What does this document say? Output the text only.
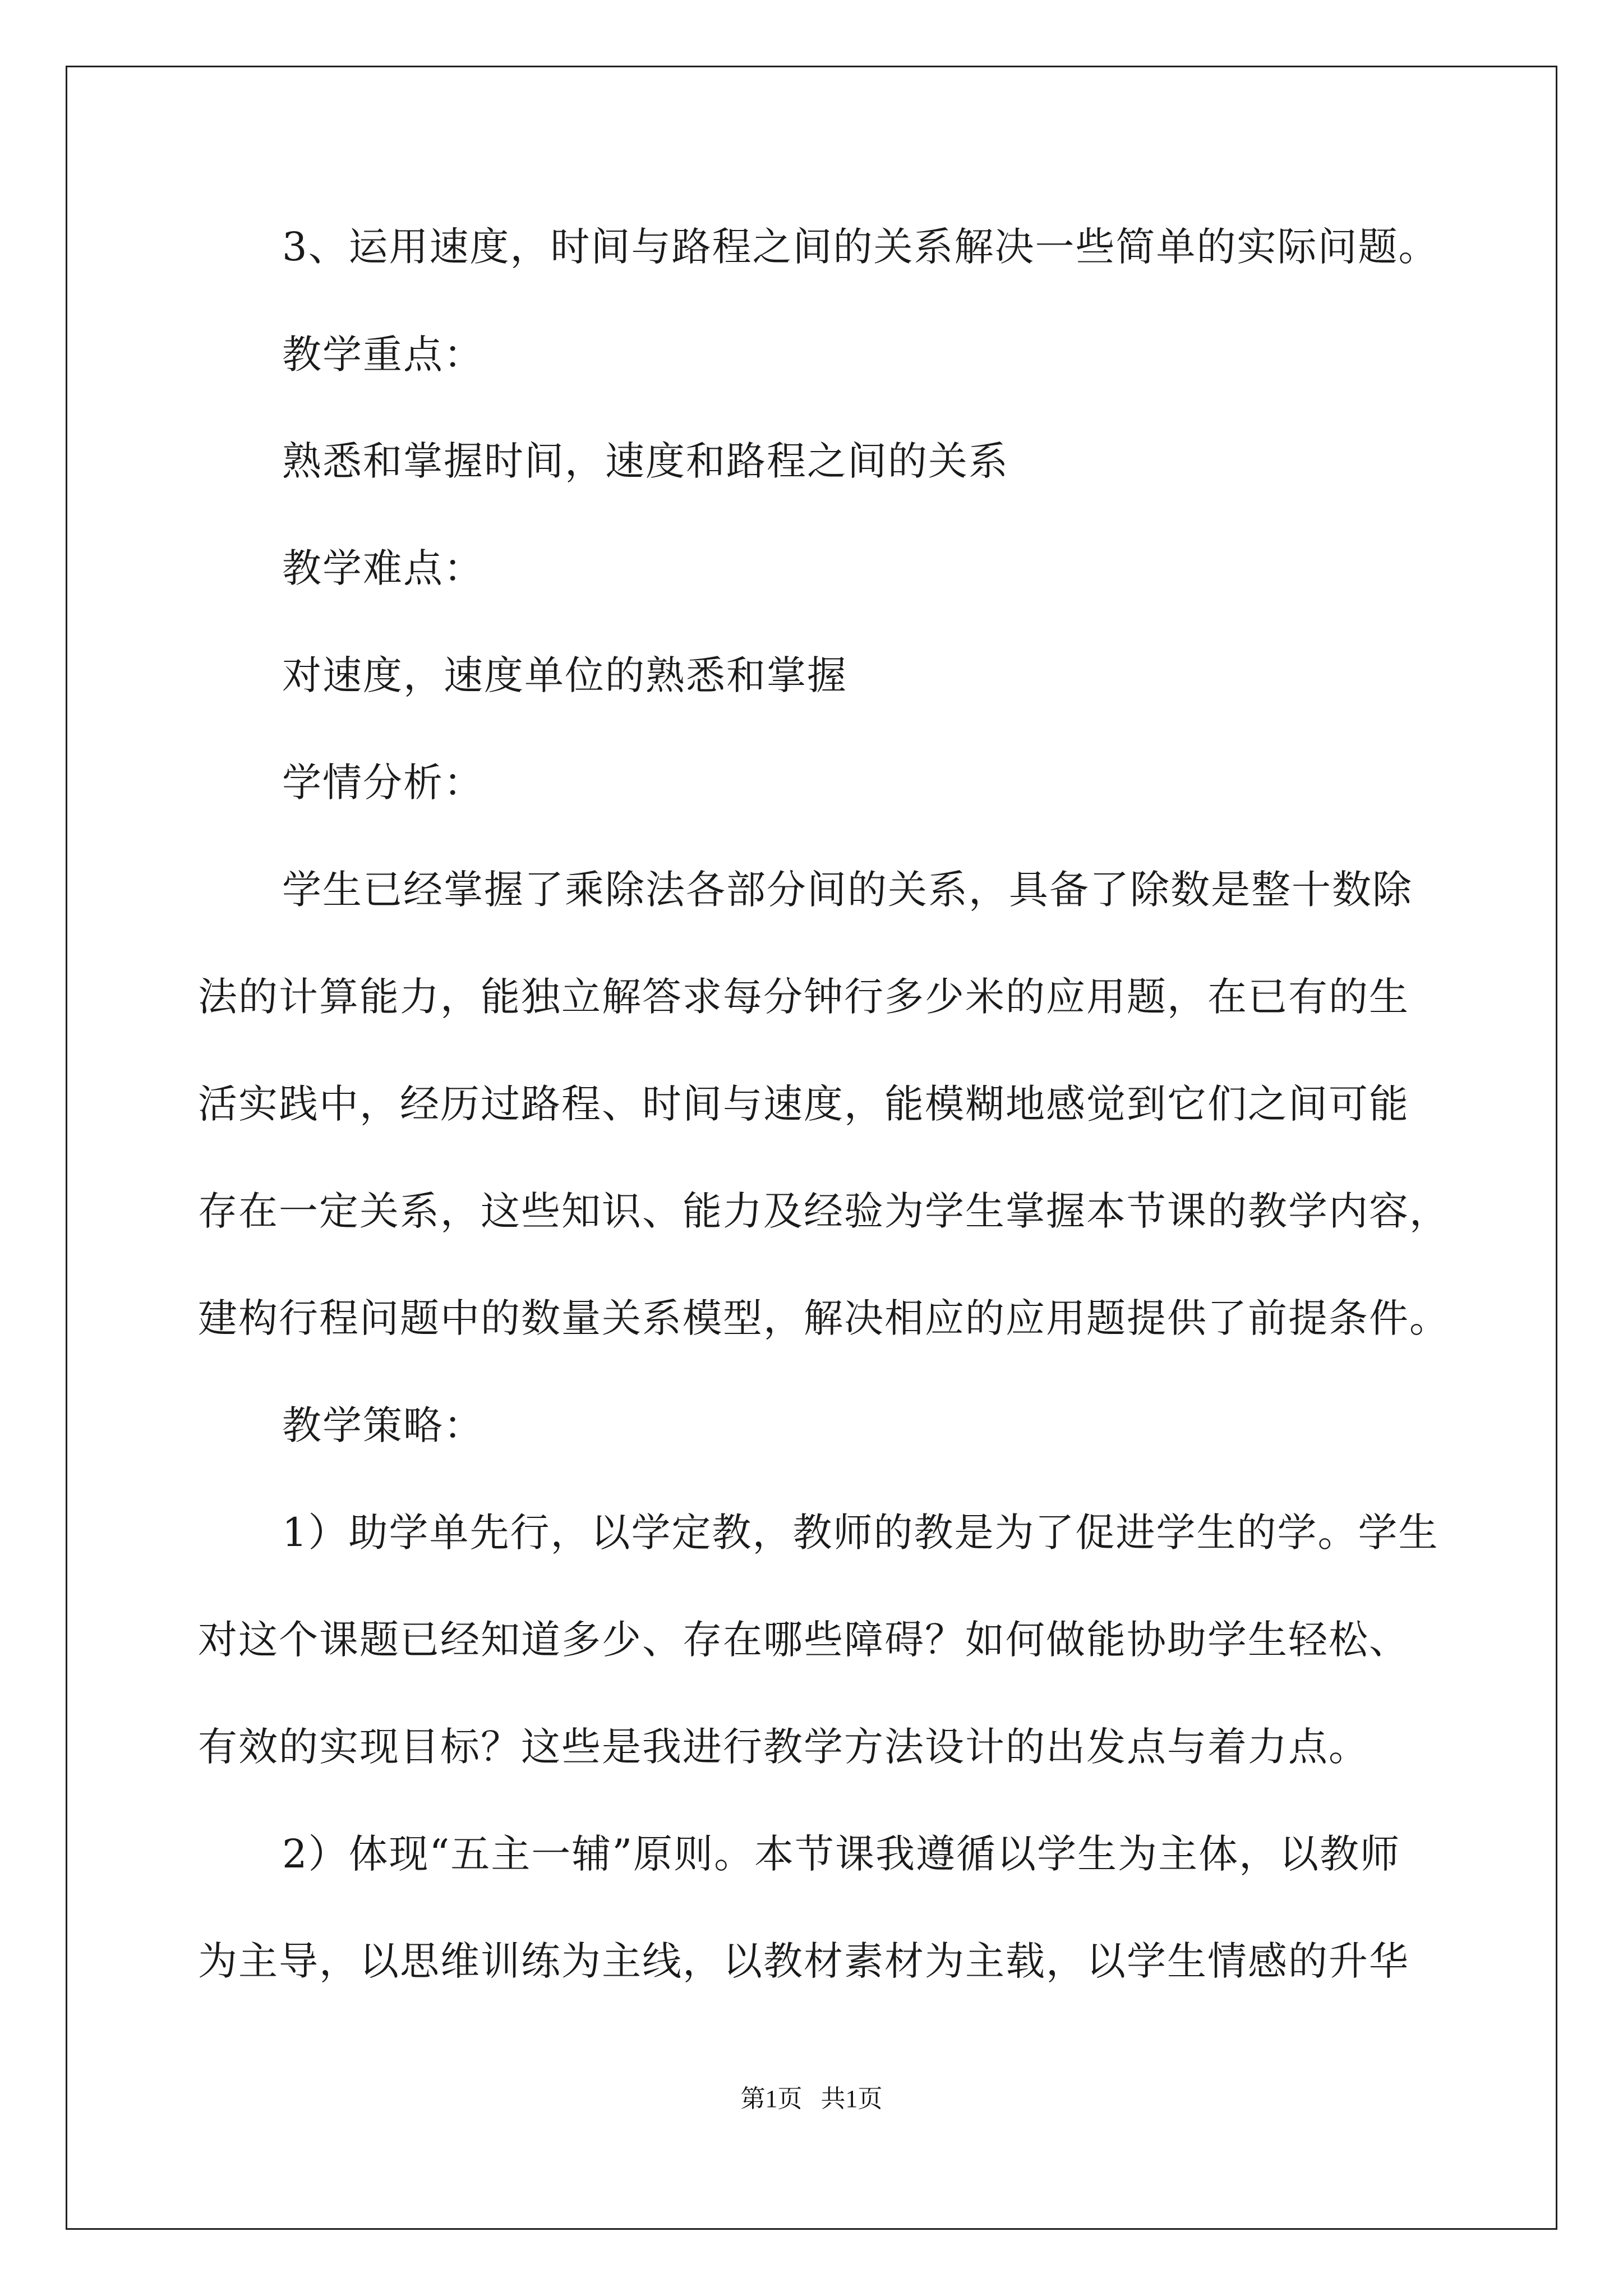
3、运用速度，时间与路程之间的关系解决一些简单的实际问题。
教学重点：
熟悉和掌握时间，速度和路程之间的关系
教学难点：
对速度，速度单位的熟悉和掌握
学情分析：
学生已经掌握了乘除法各部分间的关系，具备了除数是整十数除
法的计算能力，能独立解答求每分钟行多少米的应用题，在已有的生
活实践中，经历过路程、时间与速度，能模糊地感觉到它们之间可能
存在一定关系，这些知识、能力及经验为学生掌握本节课的教学内容，
建构行程问题中的数量关系模型，解决相应的应用题提供了前提条件。
教学策略：
1）助学单先行，以学定教，教师的教是为了促进学生的学。学生
对这个课题已经知道多少、存在哪些障碍？如何做能协助学生轻松、
有效的实现目标？这些是我进行教学方法设计的出发点与着力点。
2）体现“五主一辅”原则。本节课我遵循以学生为主体，以教师
为主导，以思维训练为主线，以教材素材为主载，以学生情感的升华
第1页   共1页
